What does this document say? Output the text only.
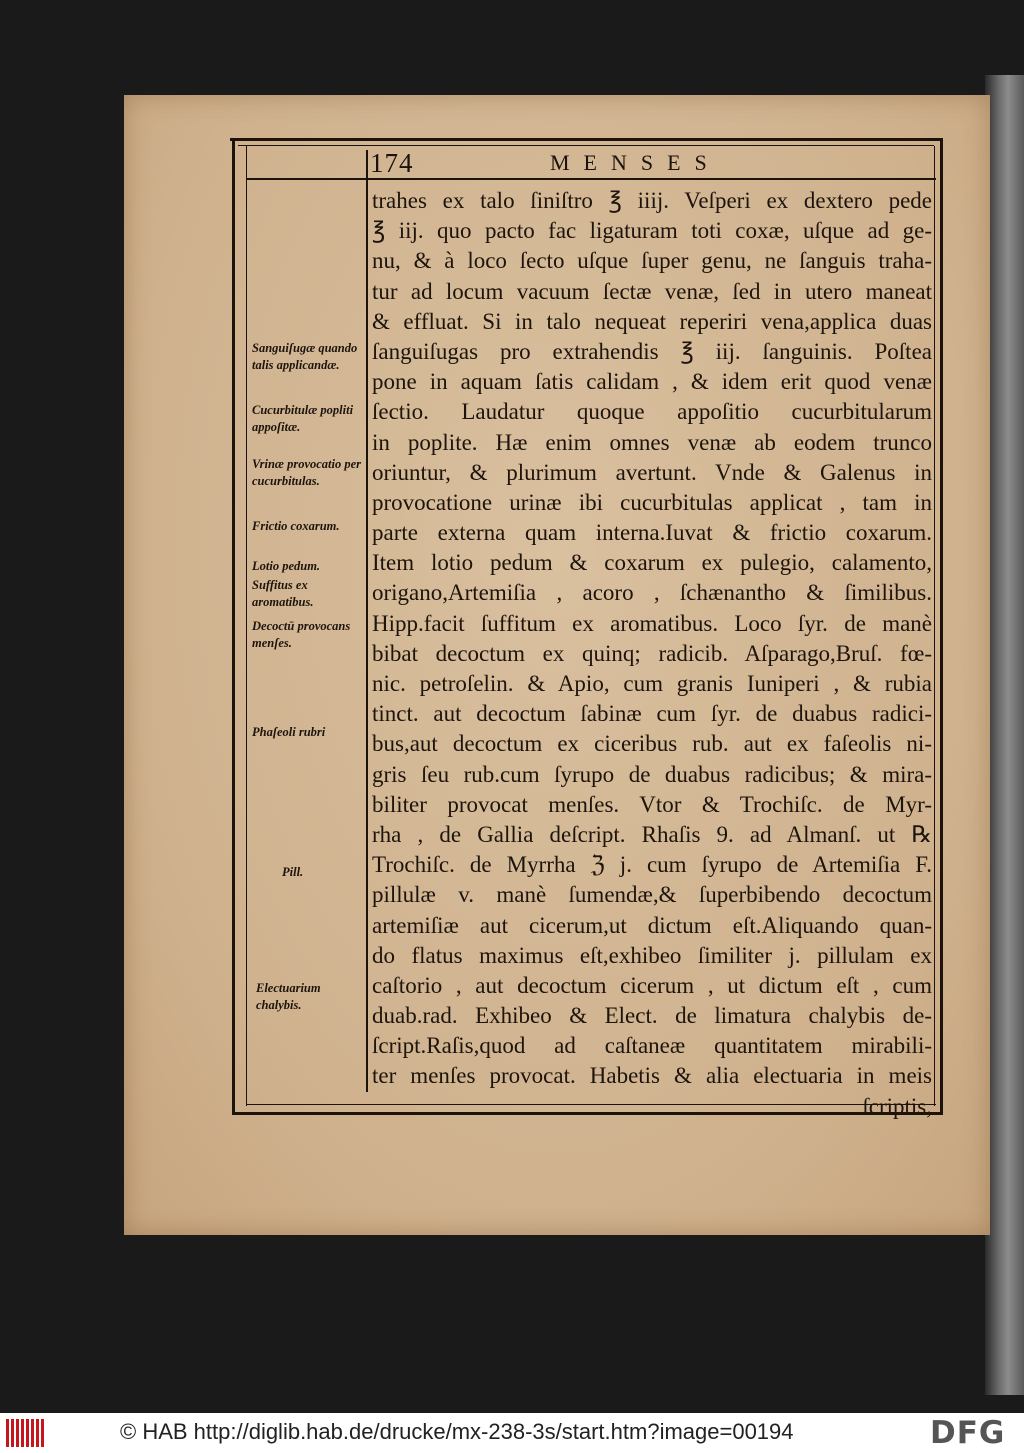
174	MENSES
trahes ex talo ſiniſtro ℥ iiij. Veſperi ex dextero pede
℥ iij. quo pacto fac ligaturam toti coxæ, uſque ad ge-
nu, & à loco ſecto uſque ſuper genu, ne ſanguis traha-
tur ad locum vacuum ſectæ venæ, ſed in utero maneat
& effluat. Si in talo nequeat reperiri vena,applica duas
ſanguiſugas pro extrahendis ℥ iij. ſanguinis. Poſtea
pone in aquam ſatis calidam , & idem erit quod venæ
ſectio. Laudatur quoque appoſitio cucurbitularum
in poplite. Hæ enim omnes venæ ab eodem trunco
oriuntur, & plurimum avertunt. Vnde & Galenus in
provocatione urinæ ibi cucurbitulas applicat , tam in
parte externa quam interna.Iuvat & frictio coxarum.
Item lotio pedum & coxarum ex pulegio, calamento,
origano,Artemiſia , acoro , ſchænantho & ſimilibus.
Hipp.facit ſuffitum ex aromatibus. Loco ſyr. de manè
bibat decoctum ex quinq; radicib. Aſparago,Bruſ. fœ-
nic. petroſelin. & Apio, cum granis Iuniperi , & rubia
tinct. aut decoctum ſabinæ cum ſyr. de duabus radici-
bus,aut decoctum ex ciceribus rub. aut ex faſeolis ni-
gris ſeu rub.cum ſyrupo de duabus radicibus; & mira-
biliter provocat menſes. Vtor & Trochiſc. de Myr-
rha , de Gallia deſcript. Rhaſis 9. ad Almanſ. ut ℞
Trochiſc. de Myrrha ℨ j. cum ſyrupo de Artemiſia F.
pillulæ v. manè ſumendæ,& ſuperbibendo decoctum
artemiſiæ aut cicerum,ut dictum eſt.Aliquando quan-
do flatus maximus eſt,exhibeo ſimiliter j. pillulam ex
caſtorio , aut decoctum cicerum , ut dictum eſt , cum
duab.rad. Exhibeo & Elect. de limatura chalybis de-
ſcript.Raſis,quod ad caſtaneæ quantitatem mirabili-
ter menſes provocat. Habetis & alia electuaria in meis
ſcriptis,
Sanguiſugæ quando talis applicandæ.
Cucurbitulæ popliti appoſitæ.
Vrinæ provocatio per cucurbitulas.
Frictio coxarum.
Lotio pedum.
Suffitus ex aromatibus.
Decoctū provocans menſes.
Phaſeoli rubri
Pill.
Electuarium chalybis.
© HAB http://diglib.hab.de/drucke/mx-238-3s/start.htm?image=00194	DFG
